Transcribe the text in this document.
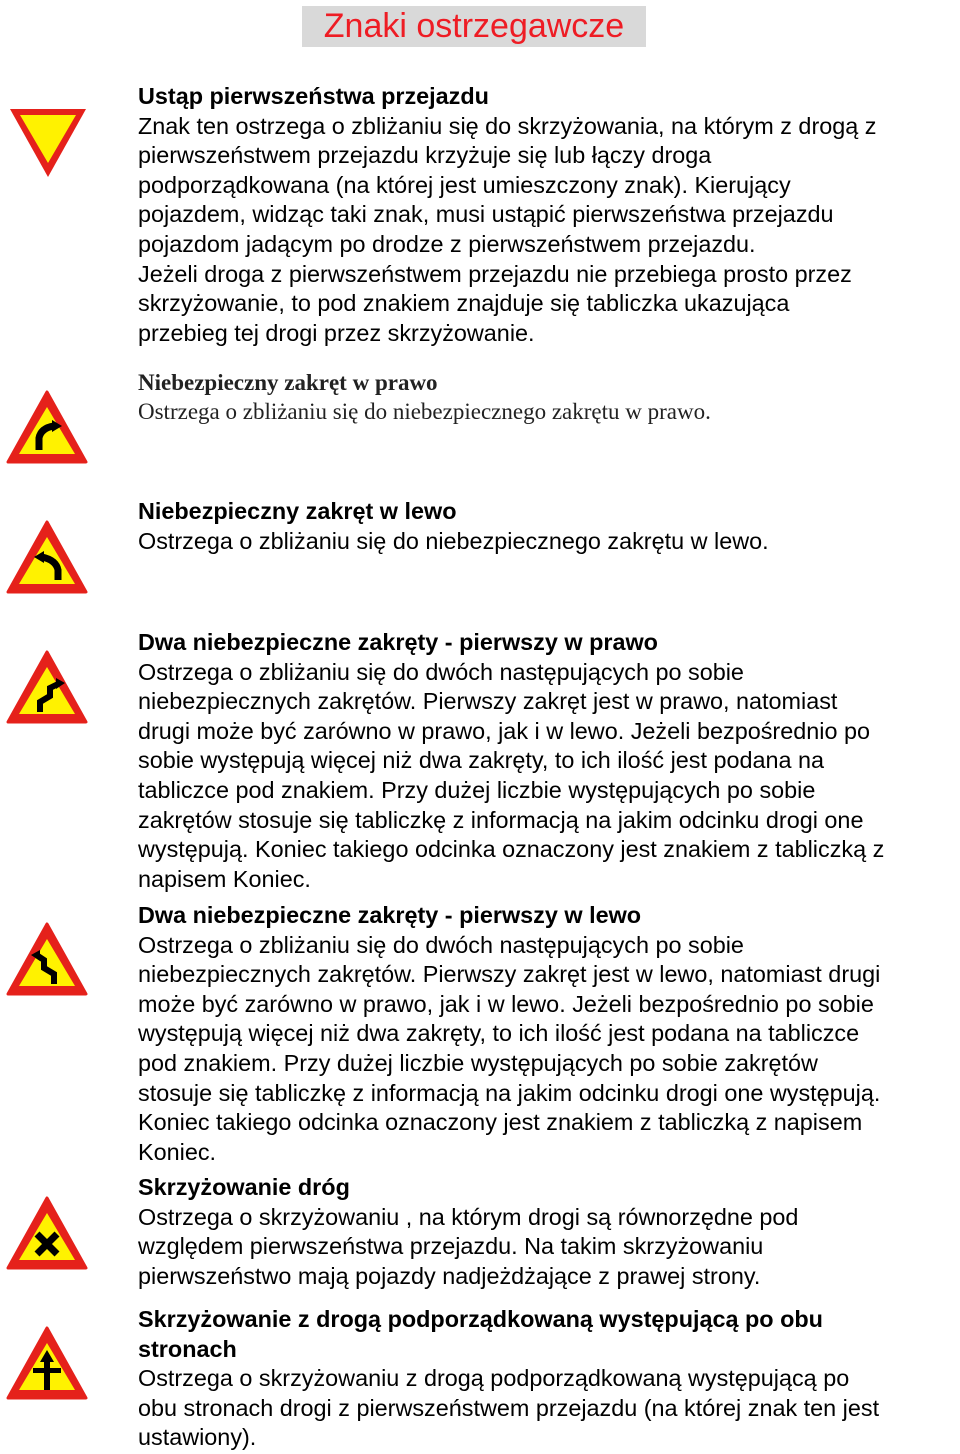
Znaki ostrzegawcze
Ustąp pierwszeństwa przejazdu
Znak ten ostrzega o zbliżaniu się do skrzyżowania, na którym z drogą z
pierwszeństwem przejazdu krzyżuje się lub łączy droga
podporządkowana (na której jest umieszczony znak). Kierujący
pojazdem, widząc taki znak, musi ustąpić pierwszeństwa przejazdu
pojazdom jadącym po drodze z pierwszeństwem przejazdu.
Jeżeli droga z pierwszeństwem przejazdu nie przebiega prosto przez
skrzyżowanie, to pod znakiem znajduje się tabliczka ukazująca
przebieg tej drogi przez skrzyżowanie.
Niebezpieczny zakręt w prawo
Ostrzega o zbliżaniu się do niebezpiecznego zakrętu w prawo.
Niebezpieczny zakręt w lewo
Ostrzega o zbliżaniu się do niebezpiecznego zakrętu w lewo.
Dwa niebezpieczne zakręty - pierwszy w prawo
Ostrzega o zbliżaniu się do dwóch następujących po sobie
niebezpiecznych zakrętów. Pierwszy zakręt jest w prawo, natomiast
drugi może być zarówno w prawo, jak i w lewo. Jeżeli bezpośrednio po
sobie występują więcej niż dwa zakręty, to ich ilość jest podana na
tabliczce pod znakiem. Przy dużej liczbie występujących po sobie
zakrętów stosuje się tabliczkę z informacją na jakim odcinku drogi one
występują. Koniec takiego odcinka oznaczony jest znakiem z tabliczką z
napisem Koniec.
Dwa niebezpieczne zakręty - pierwszy w lewo
Ostrzega o zbliżaniu się do dwóch następujących po sobie
niebezpiecznych zakrętów. Pierwszy zakręt jest w lewo, natomiast drugi
może być zarówno w prawo, jak i w lewo. Jeżeli bezpośrednio po sobie
występują więcej niż dwa zakręty, to ich ilość jest podana na tabliczce
pod znakiem. Przy dużej liczbie występujących po sobie zakrętów
stosuje się tabliczkę z informacją na jakim odcinku drogi one występują.
Koniec takiego odcinka oznaczony jest znakiem z tabliczką z napisem
Koniec.
Skrzyżowanie dróg
Ostrzega o skrzyżowaniu , na którym drogi są równorzędne pod
względem pierwszeństwa przejazdu. Na takim skrzyżowaniu
pierwszeństwo mają pojazdy nadjeżdżające z prawej strony.
Skrzyżowanie z drogą podporządkowaną występującą po obu
stronach
Ostrzega o skrzyżowaniu z drogą podporządkowaną występującą po
obu stronach drogi z pierwszeństwem przejazdu (na której znak ten jest
ustawiony).
